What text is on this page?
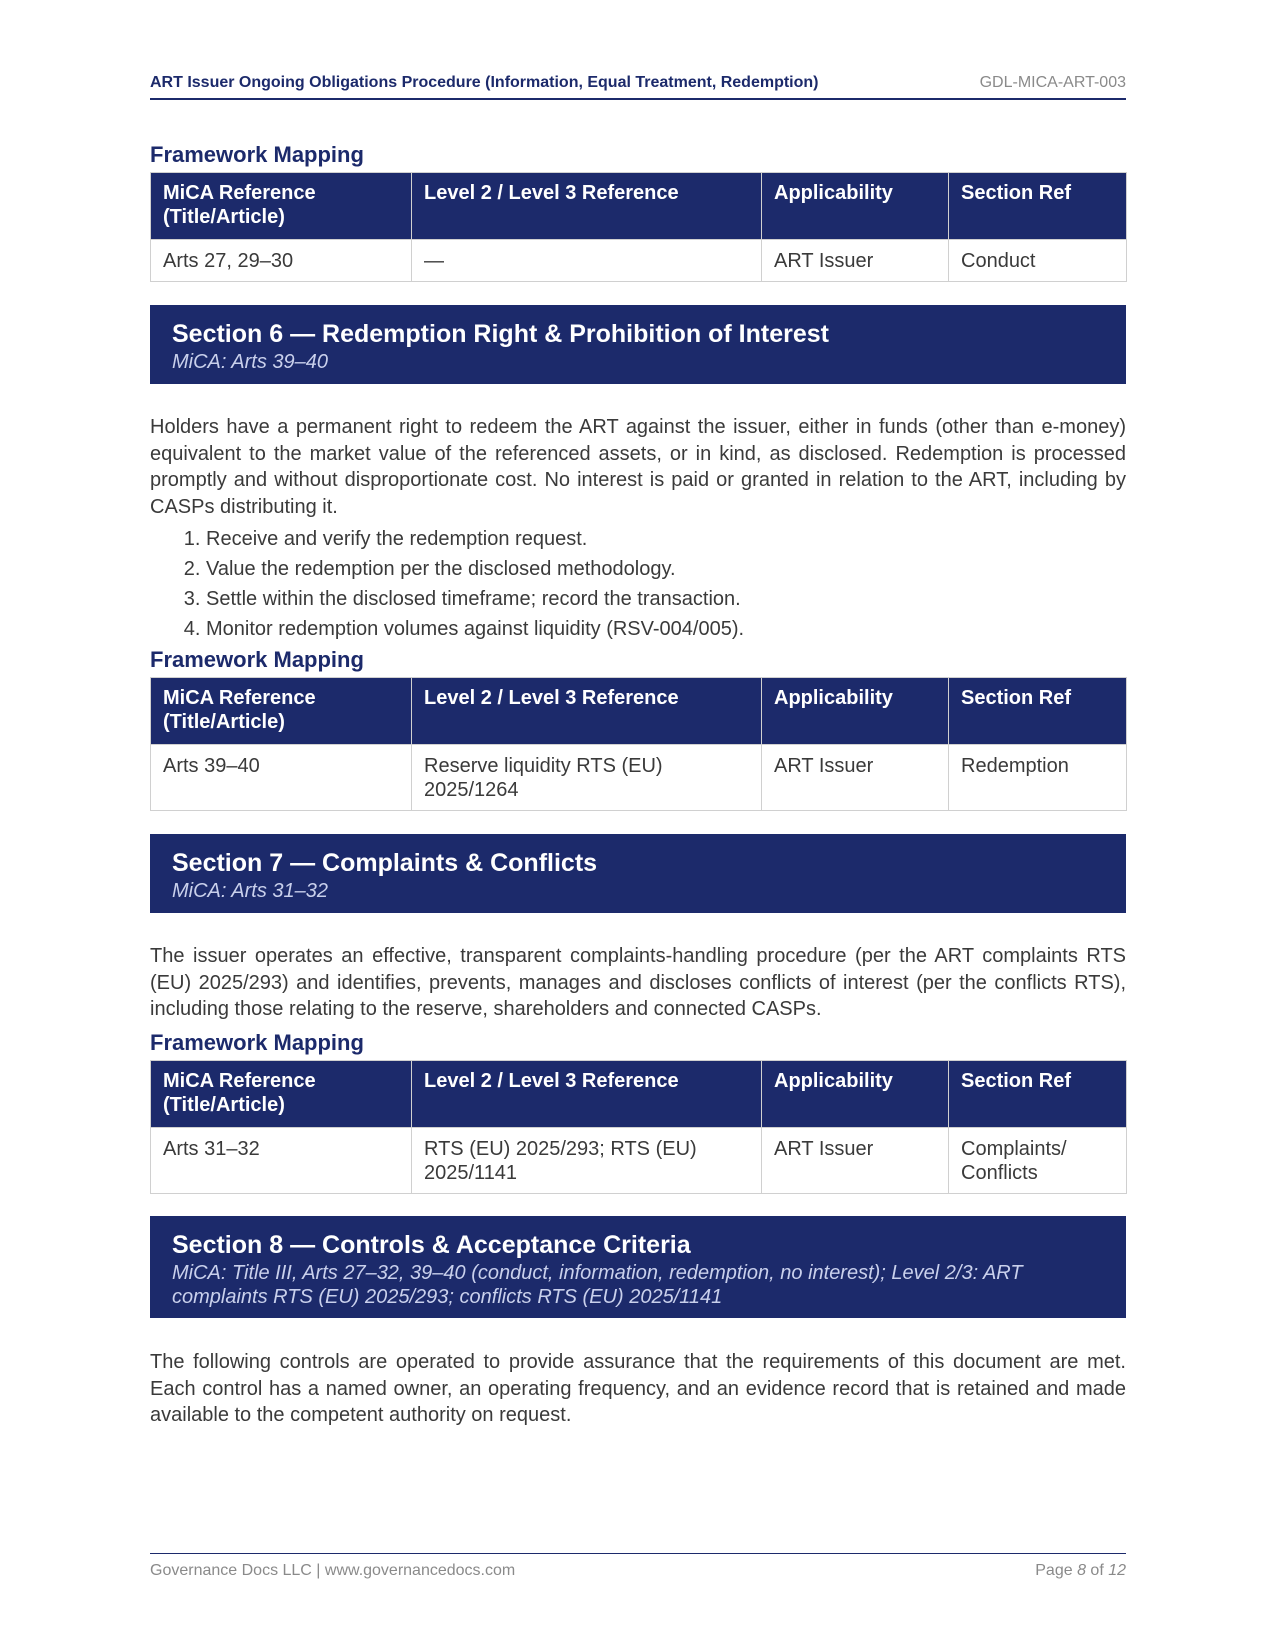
ART Issuer Ongoing Obligations Procedure (Information, Equal Treatment, Redemption)	GDL-MICA-ART-003
Framework Mapping
MiCA Reference (Title/Article)	Level 2 / Level 3 Reference	Applicability	Section Ref
Arts 27, 29–30	—	ART Issuer	Conduct
Section 6 — Redemption Right & Prohibition of Interest
MiCA: Arts 39–40

Holders have a permanent right to redeem the ART against the issuer, either in funds (other than e-money) equivalent to the market value of the referenced assets, or in kind, as disclosed. Redemption is processed promptly and without disproportionate cost. No interest is paid or granted in relation to the ART, including by CASPs distributing it.

1. Receive and verify the redemption request.
2. Value the redemption per the disclosed methodology.
3. Settle within the disclosed timeframe; record the transaction.
4. Monitor redemption volumes against liquidity (RSV-004/005).
Framework Mapping
MiCA Reference (Title/Article)	Level 2 / Level 3 Reference	Applicability	Section Ref
Arts 39–40	Reserve liquidity RTS (EU) 2025/1264	ART Issuer	Redemption
Section 7 — Complaints & Conflicts
MiCA: Arts 31–32

The issuer operates an effective, transparent complaints-handling procedure (per the ART complaints RTS (EU) 2025/293) and identifies, prevents, manages and discloses conflicts of interest (per the conflicts RTS), including those relating to the reserve, shareholders and connected CASPs.

Framework Mapping
MiCA Reference (Title/Article)	Level 2 / Level 3 Reference	Applicability	Section Ref
Arts 31–32	RTS (EU) 2025/293; RTS (EU) 2025/1141	ART Issuer	Complaints/ Conflicts
Section 8 — Controls & Acceptance Criteria
MiCA: Title III, Arts 27–32, 39–40 (conduct, information, redemption, no interest); Level 2/3: ART complaints RTS (EU) 2025/293; conflicts RTS (EU) 2025/1141

The following controls are operated to provide assurance that the requirements of this document are met. Each control has a named owner, an operating frequency, and an evidence record that is retained and made available to the competent authority on request.

Governance Docs LLC | www.governancedocs.com	Page 8 of 12
